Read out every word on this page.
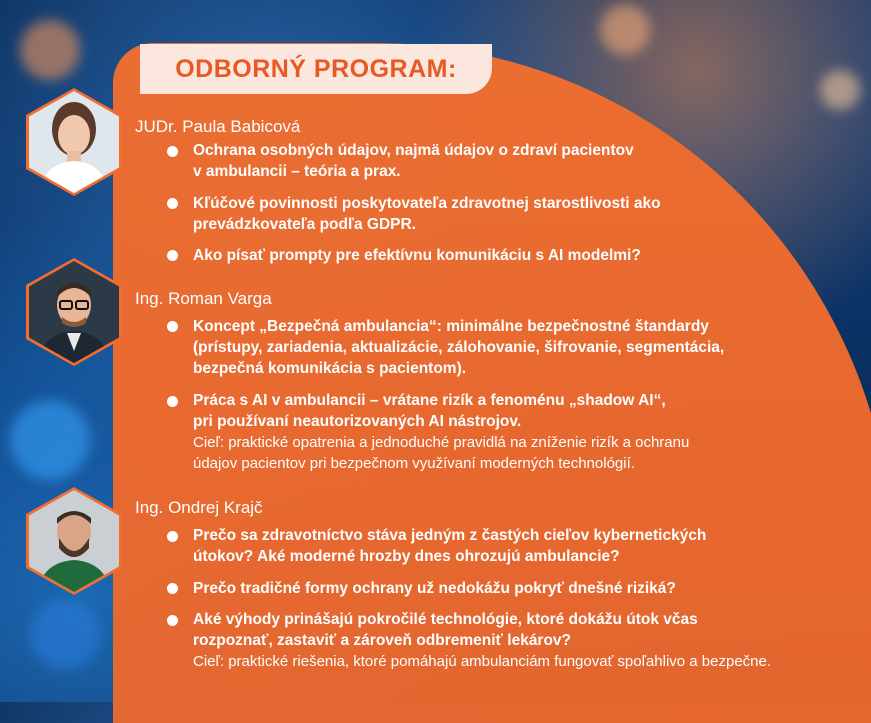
ODBORNÝ PROGRAM:
JUDr. Paula Babicová
Ochrana osobných údajov, najmä údajov o zdraví pacientov
v ambulancii – teória a prax.
Kľúčové povinnosti poskytovateľa zdravotnej starostlivosti ako
prevádzkovateľa podľa GDPR.
Ako písať prompty pre efektívnu komunikáciu s AI modelmi?
Ing. Roman Varga
Koncept „Bezpečná ambulancia“: minimálne bezpečnostné štandardy
(prístupy, zariadenia, aktualizácie, zálohovanie, šifrovanie, segmentácia,
bezpečná komunikácia s pacientom).
Práca s AI v ambulancii – vrátane rizík a fenoménu „shadow AI“,
pri používaní neautorizovaných AI nástrojov.
Cieľ: praktické opatrenia a jednoduché pravidlá na zníženie rizík a ochranu
údajov pacientov pri bezpečnom využívaní moderných technológií.
Ing. Ondrej Krajč
Prečo sa zdravotníctvo stáva jedným z častých cieľov kybernetických
útokov? Aké moderné hrozby dnes ohrozujú ambulancie?
Prečo tradičné formy ochrany už nedokážu pokryť dnešné riziká?
Aké výhody prinášajú pokročilé technológie, ktoré dokážu útok včas
rozpoznať, zastaviť a zároveň odbremeniť lekárov?
Cieľ: praktické riešenia, ktoré pomáhajú ambulanciám fungovať spoľahlivo a bezpečne.
